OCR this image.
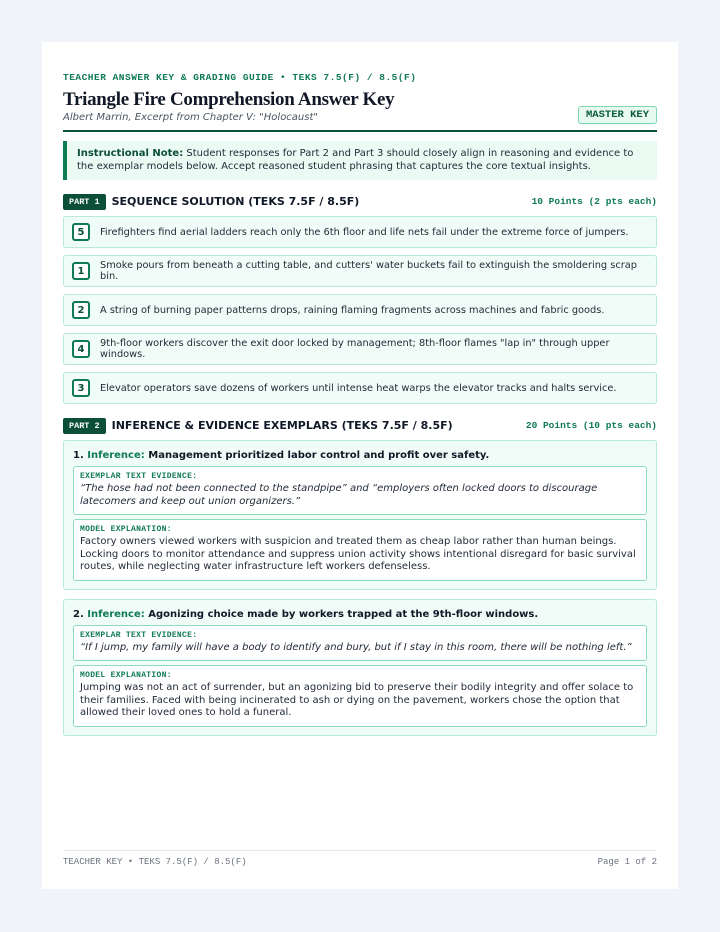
TEACHER ANSWER KEY & GRADING GUIDE • TEKS 7.5(F) / 8.5(F)
Triangle Fire Comprehension Answer Key
Albert Marrin, Excerpt from Chapter V: "Holocaust"	MASTER KEY
Instructional Note: Student responses for Part 2 and Part 3 should closely align in reasoning and evidence to the exemplar models below. Accept reasoned student phrasing that captures the core textual insights.
PART 1	SEQUENCE SOLUTION (TEKS 7.5F / 8.5F)	10 Points (2 pts each)
5	Firefighters find aerial ladders reach only the 6th floor and life nets fail under the extreme force of jumpers.
1	Smoke pours from beneath a cutting table, and cutters' water buckets fail to extinguish the smoldering scrap bin.
2	A string of burning paper patterns drops, raining flaming fragments across machines and fabric goods.
4	9th-floor workers discover the exit door locked by management; 8th-floor flames "lap in" through upper windows.
3	Elevator operators save dozens of workers until intense heat warps the elevator tracks and halts service.
PART 2	INFERENCE & EVIDENCE EXEMPLARS (TEKS 7.5F / 8.5F)	20 Points (10 pts each)
1. Inference: Management prioritized labor control and profit over safety.
EXEMPLAR TEXT EVIDENCE:
“The hose had not been connected to the standpipe” and “employers often locked doors to discourage latecomers and keep out union organizers.”
MODEL EXPLANATION:
Factory owners viewed workers with suspicion and treated them as cheap labor rather than human beings. Locking doors to monitor attendance and suppress union activity shows intentional disregard for basic survival routes, while neglecting water infrastructure left workers defenseless.
2. Inference: Agonizing choice made by workers trapped at the 9th-floor windows.
EXEMPLAR TEXT EVIDENCE:
“If I jump, my family will have a body to identify and bury, but if I stay in this room, there will be nothing left.”
MODEL EXPLANATION:
Jumping was not an act of surrender, but an agonizing bid to preserve their bodily integrity and offer solace to their families. Faced with being incinerated to ash or dying on the pavement, workers chose the option that allowed their loved ones to hold a funeral.
TEACHER KEY • TEKS 7.5(F) / 8.5(F)	Page 1 of 2
